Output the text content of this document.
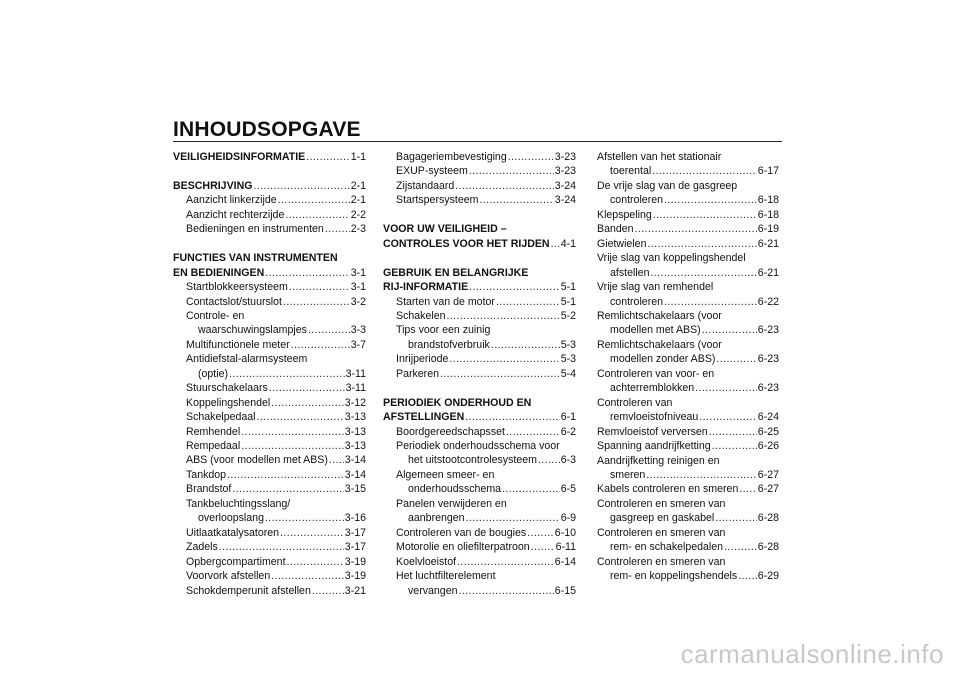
INHOUDSOPGAVE
VEILIGHEIDSINFORMATIE .....	1-1
BESCHRIJVING .....	2-1
Aanzicht linkerzijde .....	2-1
Aanzicht rechterzijde .....	2-2
Bedieningen en instrumenten .....	2-3
FUNCTIES VAN INSTRUMENTEN
EN BEDIENINGEN .....	3-1
Startblokkeersysteem .....	3-1
Contactslot/stuurslot .....	3-2
Controle- en
waarschuwingslampjes .....	3-3
Multifunctionele meter .....	3-7
Antidiefstal-alarmsysteem
(optie) .....	3-11
Stuurschakelaars .....	3-11
Koppelingshendel .....	3-12
Schakelpedaal .....	3-13
Remhendel .....	3-13
Rempedaal .....	3-13
ABS (voor modellen met ABS) ..... 3-14
Tankdop .....	3-14
Brandstof .....	3-15
Tankbeluchtingsslang/
overloopslang .....	3-16
Uitlaatkatalysatoren .....	3-17
Zadels .....	3-17
Opbergcompartiment .....	3-19
Voorvork afstellen .....	3-19
Schokdemperunit afstellen .....	3-21
Bagageriembevestiging .....	3-23
EXUP-systeem .....	3-23
Zijstandaard .....	3-24
Startspersysteem .....	3-24
VOOR UW VEILIGHEID –
CONTROLES VOOR HET RIJDEN ..... 4-1
GEBRUIK EN BELANGRIJKE
RIJ-INFORMATIE .....	5-1
Starten van de motor .....	5-1
Schakelen .....	5-2
Tips voor een zuinig
brandstofverbruik .....	5-3
Inrijperiode .....	5-3
Parkeren .....	5-4
PERIODIEK ONDERHOUD EN
AFSTELLINGEN .....	6-1
Boordgereedschapsset .....	6-2
Periodiek onderhoudsschema voor
het uitstootcontrolesysteem ..... 6-3
Algemeen smeer- en
onderhoudsschema .....	6-5
Panelen verwijderen en
aanbrengen .....	6-9
Controleren van de bougies .....	6-10
Motorolie en oliefilterpatroon ..... 6-11
Koelvloeistof .....	6-14
Het luchtfilterelement
vervangen .....	6-15
Afstellen van het stationair
toerental .....	6-17
De vrije slag van de gasgreep
controleren .....	6-18
Klepspeling .....	6-18
Banden .....	6-19
Gietwielen .....	6-21
Vrije slag van koppelingshendel
afstellen .....	6-21
Vrije slag van remhendel
controleren .....	6-22
Remlichtschakelaars (voor
modellen met ABS) .....	6-23
Remlichtschakelaars (voor
modellen zonder ABS) .....	6-23
Controleren van voor- en
achterremblokken .....	6-23
Controleren van
remvloeistofniveau .....	6-24
Remvloeistof verversen .....	6-25
Spanning aandrijfketting .....	6-26
Aandrijfketting reinigen en
smeren .....	6-27
Kabels controleren en smeren ..... 6-27
Controleren en smeren van
gasgreep en gaskabel .....	6-28
Controleren en smeren van
rem- en schakelpedalen .....	6-28
Controleren en smeren van
rem- en koppelingshendels ..... 6-29
carmanualsonline.info
